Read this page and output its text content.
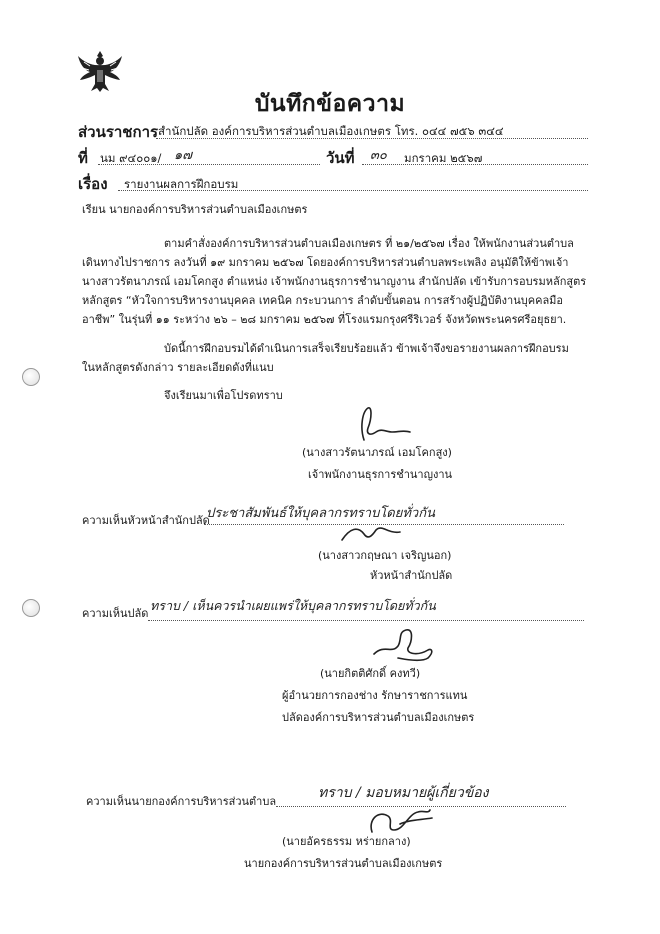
บันทึกข้อความ
ส่วนราชการ สำนักปลัด องค์การบริหารส่วนตำบลเมืองเกษตร โทร. ๐๔๔ ๗๕๖ ๓๔๔
ที่ นม ๙๔๐๐๑/ ๑๗	วันที่ ๓๐ มกราคม ๒๕๖๗
เรื่อง รายงานผลการฝึกอบรม
เรียน นายกองค์การบริหารส่วนตำบลเมืองเกษตร
ตามคำสั่งองค์การบริหารส่วนตำบลเมืองเกษตร ที่ ๒๑/๒๕๖๗ เรื่อง ให้พนักงานส่วนตำบล
เดินทางไปราชการ ลงวันที่ ๑๙ มกราคม ๒๕๖๗ โดยองค์การบริหารส่วนตำบลพระเพลิง อนุมัติให้ข้าพเจ้า
นางสาวรัตนาภรณ์ เอมโคกสูง ตำแหน่ง เจ้าพนักงานธุรการชำนาญงาน สำนักปลัด เข้ารับการอบรมหลักสูตร
หลักสูตร “หัวใจการบริหารงานบุคคล เทคนิค กระบวนการ ลำดับขั้นตอน การสร้างผู้ปฏิบัติงานบุคคลมือ
อาชีพ” ในรุ่นที่ ๑๑ ระหว่าง ๒๖ – ๒๘ มกราคม ๒๕๖๗ ที่โรงแรมกรุงศรีริเวอร์ จังหวัดพระนครศรีอยุธยา.
บัดนี้การฝึกอบรมได้ดำเนินการเสร็จเรียบร้อยแล้ว ข้าพเจ้าจึงขอรายงานผลการฝึกอบรม
ในหลักสูตรดังกล่าว รายละเอียดดังที่แนบ
จึงเรียนมาเพื่อโปรดทราบ
(นางสาวรัตนาภรณ์ เอมโคกสูง)
เจ้าพนักงานธุรการชำนาญงาน
ความเห็นหัวหน้าสำนักปลัด
ประชาสัมพันธ์ให้บุคลากรทราบโดยทั่วกัน
(นางสาวกฤษณา เจริญนอก)
หัวหน้าสำนักปลัด
ความเห็นปลัด
ทราบ / เห็นควรนำเผยแพร่ให้บุคลากรทราบโดยทั่วกัน
(นายกิตติศักดิ์ คงทวี)
ผู้อำนวยการกองช่าง รักษาราชการแทน
ปลัดองค์การบริหารส่วนตำบลเมืองเกษตร
ความเห็นนายกองค์การบริหารส่วนตำบล
ทราบ / มอบหมายผู้เกี่ยวข้อง
(นายอัครธรรม หร่ายกลาง)
นายกองค์การบริหารส่วนตำบลเมืองเกษตร
